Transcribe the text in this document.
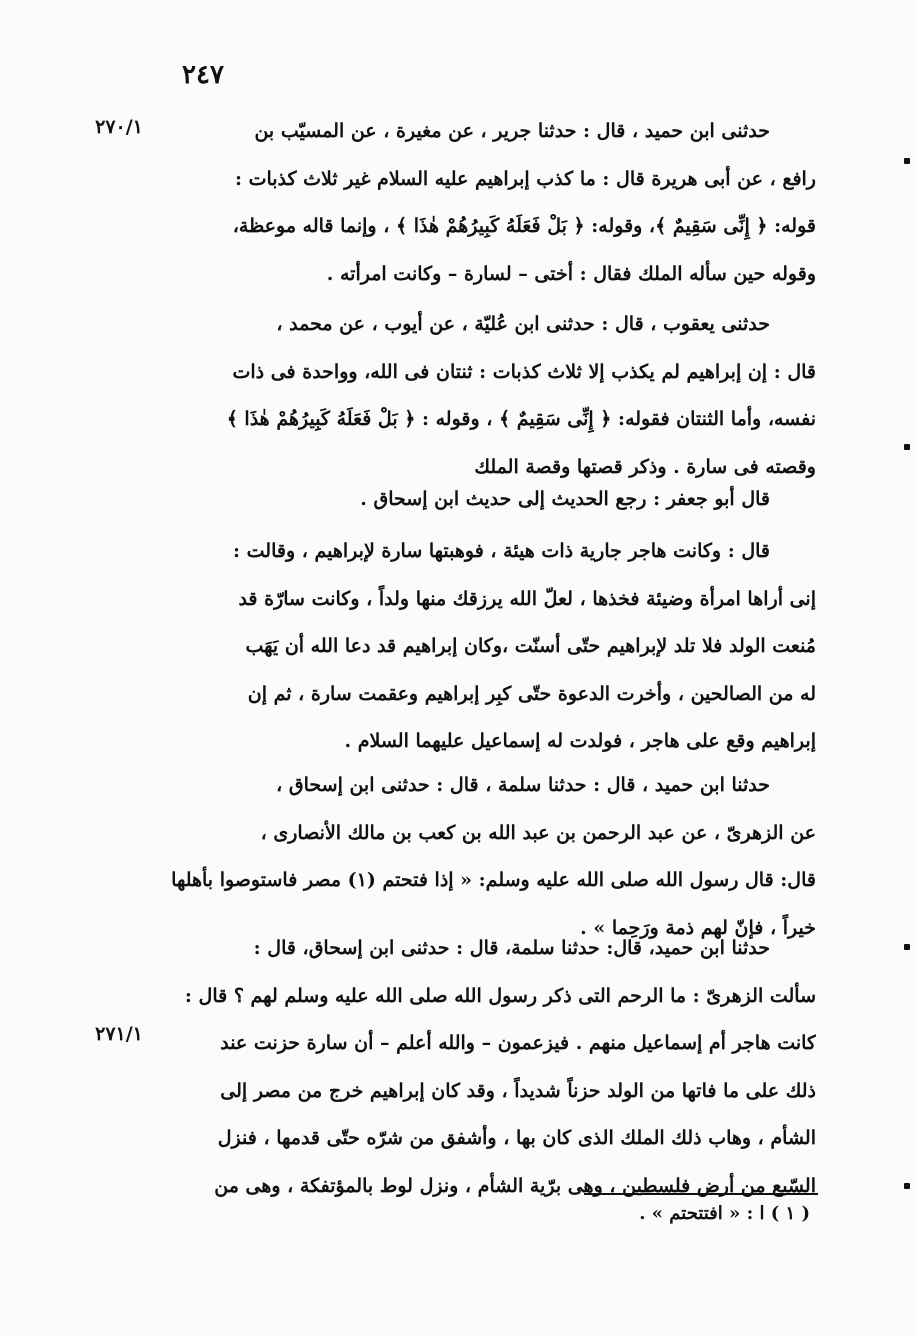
٢٤٧
٢٧٠/١
٢٧١/١
حدثنى ابن حميد ، قال : حدثنا جرير ، عن مغيرة ، عن المسيّب بن
رافع ، عن أبى هريرة قال : ما كذب إبراهيم عليه السلام غير ثلاث كذبات :
قوله: ﴿ إِنِّى سَقِيمٌ ﴾، وقوله: ﴿ بَلْ فَعَلَهُ كَبِيرُهُمْ هٰذَا ﴾ ، وإنما قاله موعظة،
وقوله حين سأله الملك فقال : أختى – لسارة – وكانت امرأته .
حدثنى يعقوب ، قال : حدثنى ابن عُليّة ، عن أيوب ، عن محمد ،
قال : إن إبراهيم لم يكذب إلا ثلاث كذبات : ثنتان فى الله، وواحدة فى ذات
نفسه، وأما الثنتان فقوله: ﴿ إِنِّى سَقِيمٌ ﴾ ، وقوله : ﴿ بَلْ فَعَلَهُ كَبِيرُهُمْ هٰذَا ﴾
وقصته فى سارة . وذكر قصتها وقصة الملك
قال أبو جعفر : رجع الحديث إلى حديث ابن إسحاق .
قال : وكانت هاجر جارية ذات هيئة ، فوهبتها سارة لإبراهيم ، وقالت :
إنى أراها امرأة وضيئة فخذها ، لعلّ الله يرزقك منها ولداً ، وكانت سارّة قد
مُنعت الولد فلا تلد لإبراهيم حتّى أسنّت ،وكان إبراهيم قد دعا الله أن يَهَب
له من الصالحين ، وأخرت الدعوة حتّى كبِر إبراهيم وعقمت سارة ، ثم إن
إبراهيم وقع على هاجر ، فولدت له إسماعيل عليهما السلام .
حدثنا ابن حميد ، قال : حدثنا سلمة ، قال : حدثنى ابن إسحاق ،
عن الزهرىّ ، عن عبد الرحمن بن عبد الله بن كعب بن مالك الأنصارى ،
قال: قال رسول الله صلى الله عليه وسلم: « إذا فتحتم (١) مصر فاستوصوا بأهلها
خيراً ، فإنّ لهم ذمة ورَحِما » .
حدثنا ابن حميد، قال: حدثنا سلمة، قال : حدثنى ابن إسحاق، قال :
سألت الزهرىّ : ما الرحم التى ذكر رسول الله صلى الله عليه وسلم لهم ؟ قال :
كانت هاجر أم إسماعيل منهم . فيزعمون – والله أعلم – أن سارة حزنت عند
ذلك على ما فاتها من الولد حزناً شديداً ، وقد كان إبراهيم خرج من مصر إلى
الشأم ، وهاب ذلك الملك الذى كان بها ، وأشفق من شرّه حتّى قدمها ، فنزل
السّبع من أرض فلسطين ، وهى برّية الشأم ، ونزل لوط بالمؤتفكة ، وهى من
( ١ ) ا : « افتتحتم » .
